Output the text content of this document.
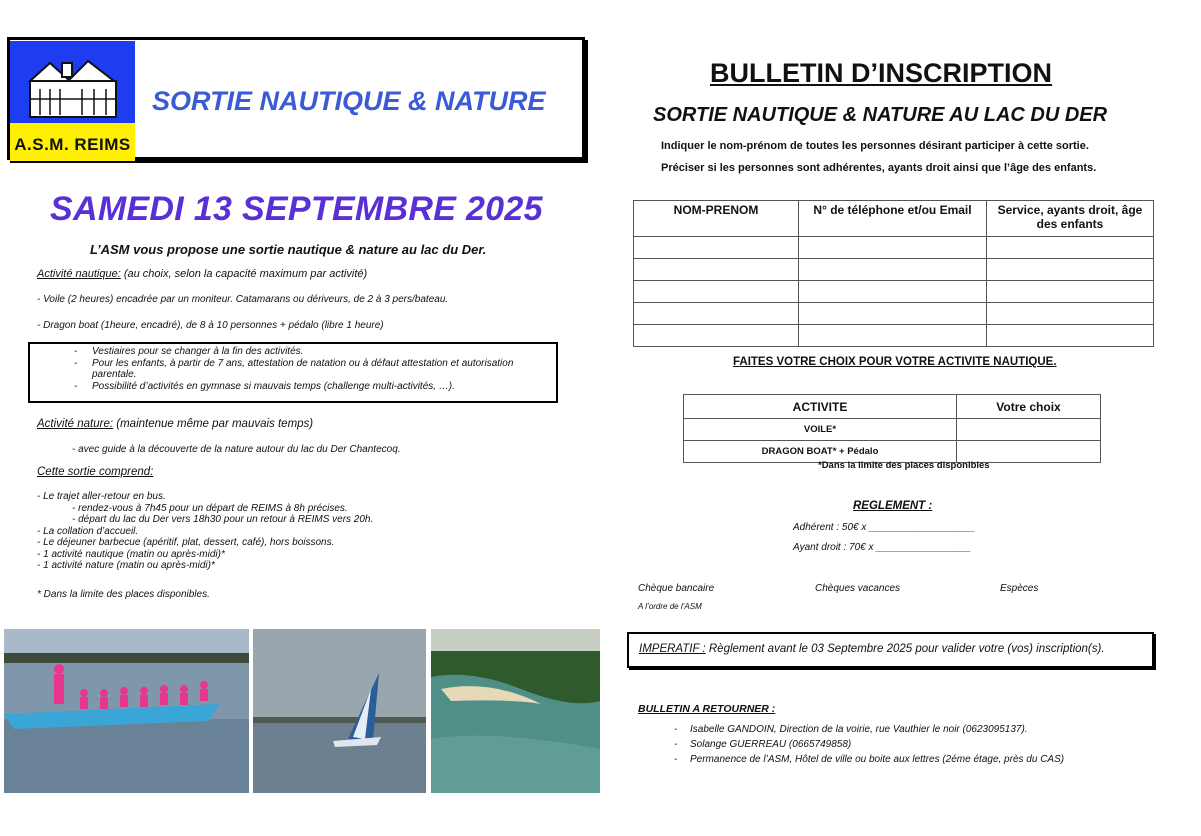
A.S.M. REIMS
SORTIE NAUTIQUE & NATURE
SAMEDI 13 SEPTEMBRE 2025
L’ASM vous propose une sortie nautique & nature au lac du Der.
Activité nautique: (au choix, selon la capacité maximum par activité)
- Voile (2 heures) encadrée par un moniteur. Catamarans ou dériveurs, de 2 à 3 pers/bateau.
- Dragon boat (1heure, encadré), de 8 à 10 personnes + pédalo (libre 1 heure)
- Vestiaires pour se changer à la fin des activités.
- Pour les enfants, à partir de 7 ans, attestation de natation ou à défaut attestation et autorisation parentale.
- Possibilité d’activités en gymnase si mauvais temps (challenge multi-activités, …).
Activité nature: (maintenue même par mauvais temps)
- avec guide à la découverte de la nature autour du lac du Der Chantecoq.
Cette sortie comprend:
- Le trajet aller-retour en bus.
- rendez-vous à 7h45 pour un départ de REIMS à 8h précises.
- départ du lac du Der vers 18h30 pour un retour à REIMS vers 20h.
- La collation d’accueil.
- Le déjeuner barbecue (apéritif, plat, dessert, café), hors boissons.
- 1 activité nautique (matin ou après-midi)*
- 1 activité nature (matin ou après-midi)*
* Dans la limite des places disponibles.
BULLETIN D’INSCRIPTION
SORTIE NAUTIQUE & NATURE AU LAC DU DER
Indiquer le nom-prénom de toutes les personnes désirant participer à cette sortie.
Préciser si les personnes sont adhérentes, ayants droit ainsi que l’âge des enfants.
NOM-PRENOM	N° de téléphone et/ou Email	Service, ayants droit, âge des enfants

FAITES VOTRE CHOIX POUR VOTRE ACTIVITE NAUTIQUE.
ACTIVITE	Votre choix
VOILE*	
DRAGON BOAT* + Pédalo	
*Dans la limite des places disponibles
REGLEMENT :
Adhérent : 50€ x ___________________
Ayant droit : 70€ x _________________
Chèque bancaire
A l’ordre de l’ASM
Chèques vacances	Espèces
IMPERATIF : Règlement avant le 03 Septembre 2025 pour valider votre (vos) inscription(s).
BULLETIN A RETOURNER :
- Isabelle GANDOIN, Direction de la voirie, rue Vauthier le noir (0623095137).
- Solange GUERREAU (0665749858)
- Permanence de l’ASM, Hôtel de ville ou boite aux lettres (2éme étage, près du CAS)
